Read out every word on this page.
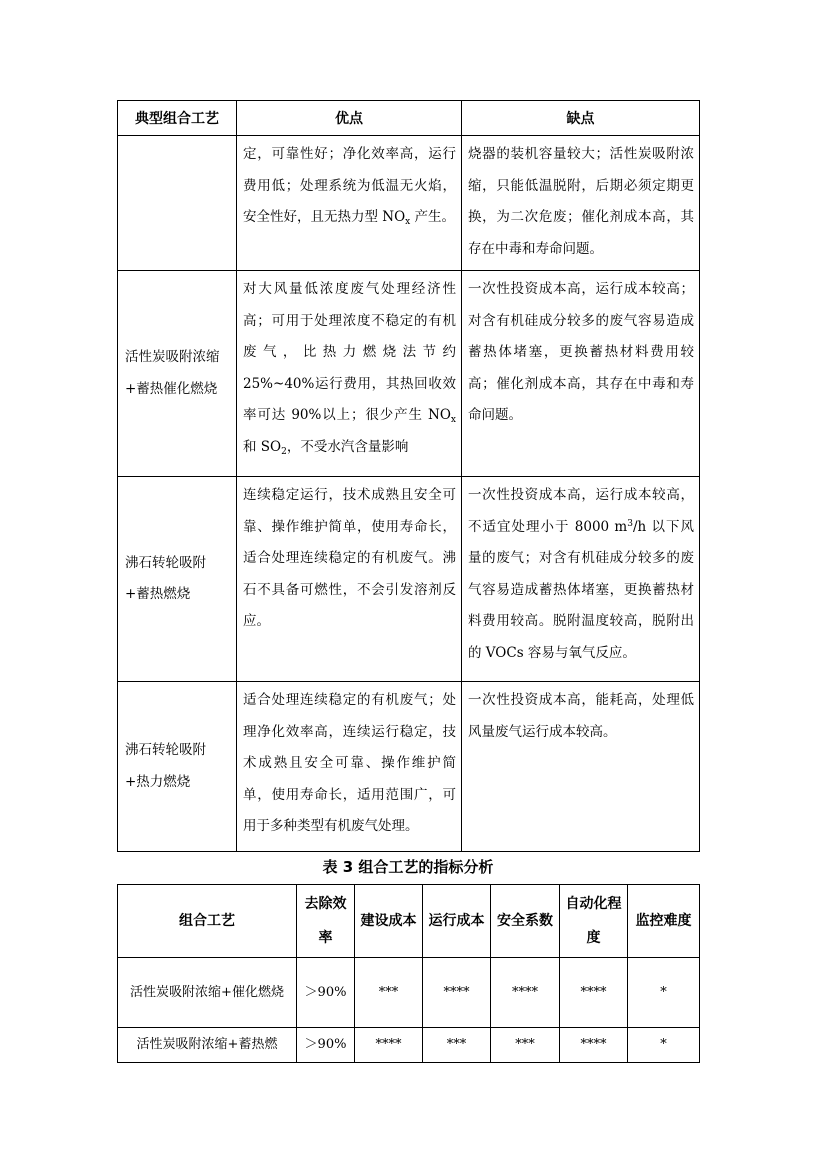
典型组合工艺	优点	缺点
	定，可靠性好；净化效率高，运行费用低；处理系统为低温无火焰，安全性好，且无热力型 $NO_x$ 产生。	烧器的装机容量较大；活性炭吸附浓缩，只能低温脱附，后期必须定期更换，为二次危废；催化剂成本高，其存在中毒和寿命问题。
活性炭吸附浓缩+蓄热催化燃烧	对大风量低浓度废气处理经济性高；可用于处理浓度不稳定的有机废气，比热力燃烧法节约25%~40%运行费用，其热回收效率可达 90%以上；很少产生 $NO_x$ 和 $SO_2$，不受水汽含量影响	一次性投资成本高，运行成本较高；对含有机硅成分较多的废气容易造成蓄热体堵塞，更换蓄热材料费用较高；催化剂成本高，其存在中毒和寿命问题。
沸石转轮吸附+蓄热燃烧	连续稳定运行，技术成熟且安全可靠、操作维护简单，使用寿命长，适合处理连续稳定的有机废气。沸石不具备可燃性，不会引发溶剂反应。	一次性投资成本高，运行成本较高，不适宜处理小于 8000 $m^3/h$ 以下风量的废气；对含有机硅成分较多的废气容易造成蓄热体堵塞，更换蓄热材料费用较高。脱附温度较高，脱附出的 VOCs 容易与氧气反应。
沸石转轮吸附+热力燃烧	适合处理连续稳定的有机废气；处理净化效率高，连续运行稳定，技术成熟且安全可靠、操作维护简单，使用寿命长，适用范围广，可用于多种类型有机废气处理。	一次性投资成本高，能耗高，处理低风量废气运行成本较高。
表 3 组合工艺的指标分析
组合工艺	去除效率	建设成本	运行成本	安全系数	自动化程度	监控难度
活性炭吸附浓缩+催化燃烧	＞90%	***	****	****	****	*
活性炭吸附浓缩+蓄热燃	＞90%	****	***	***	****	*
